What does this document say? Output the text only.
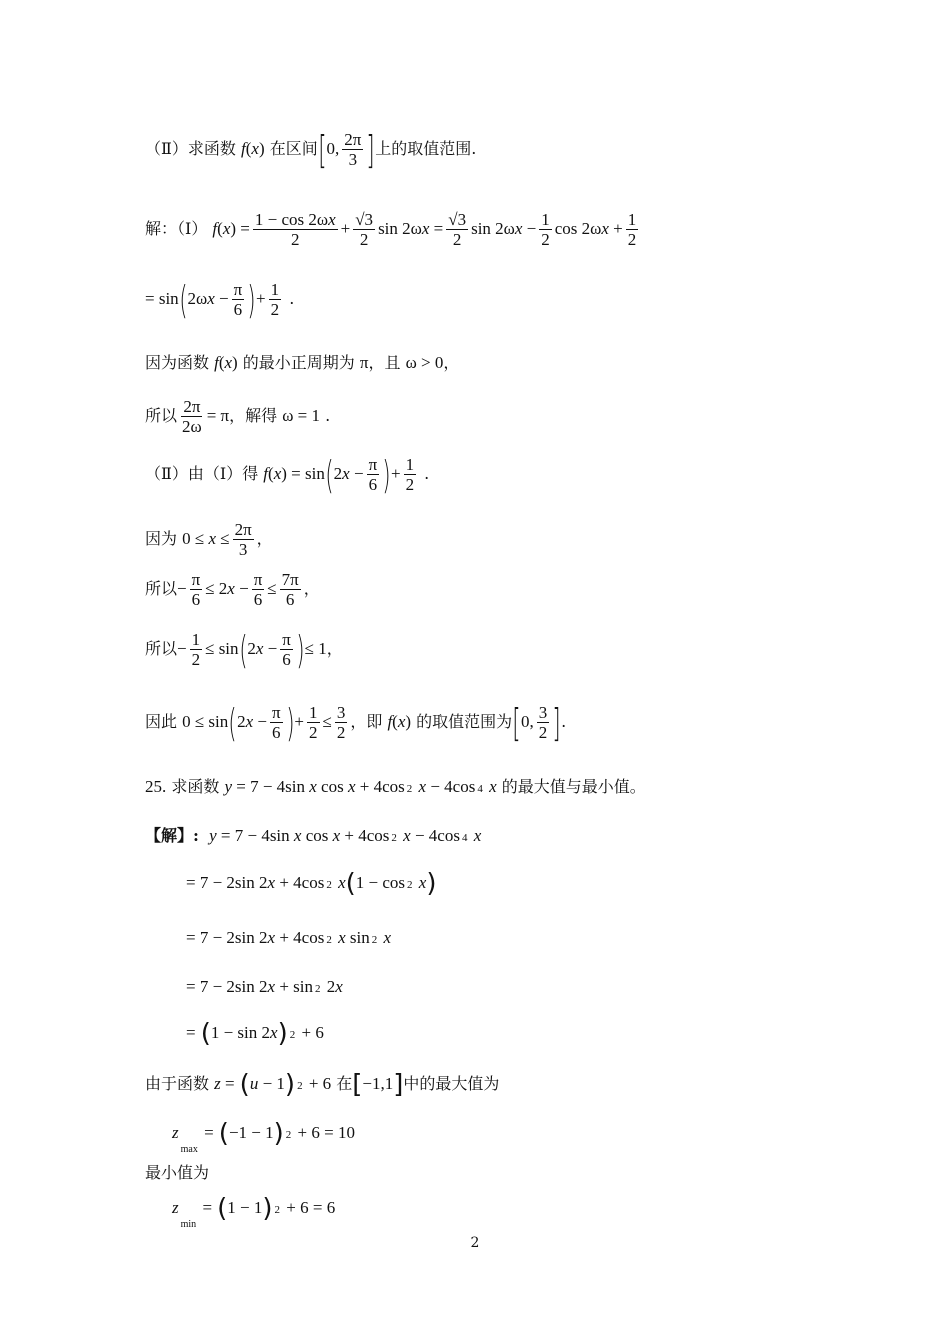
（Ⅱ）求函数 f(x) 在区间[0, $\frac{2\pi}{3}$ ]上的取值范围.
解：（Ⅰ） $f(x) = \frac{1 - \cos 2\omega x}{2} + \frac{√3}{2}$ $\sin 2\omega x = \frac{√3}{2}$ $\sin 2\omega x - \frac{1}{2}$ $\cos 2\omega x + \frac{1}{2}$
= $\sin(2\omega x - \frac{\pi}{6}$ )+ $\frac{1}{2}$ .
因为函数 f(x) 的最小正周期为 π，且 ω > 0，
所以 $\frac{2\pi}{2\omega} = \pi$，解得 ω = 1 .
（Ⅱ）由（Ⅰ）得 $f(x) = \sin(2x - \frac{\pi}{6}$ )+ $\frac{1}{2}$ .
因为 $0 \le x \le \frac{2\pi}{3}$ ，
所以− $\frac{\pi}{6} \le 2x - \frac{\pi}{6} \le \frac{7\pi}{6}$ ，
所以− $\frac{1}{2} \le \sin(2x - \frac{\pi}{6}$ )≤ 1，
因此 $0 \le \sin(2x - \frac{\pi}{6}$ )+ $\frac{1}{2} \le \frac{3}{2}$ ，即 f(x) 的取值范围为[0, $\frac{3}{2}$ ].
25. 求函数 y = 7 − 4sin x cos x + 4cos 2 x − 4cos 4 x 的最大值与最小值。
【解】: y = 7 − 4sin x cos x + 4cos 2 x − 4cos 4 x
= 7 − 2sin 2x + 4cos 2 x(1 − cos 2 x)
= 7 − 2sin 2x + 4cos 2 x sin 2 x
= 7 − 2sin 2x + sin 2 2x
= (1 − sin 2x) 2 + 6
由于函数 z = (u − 1) 2 + 6 在[−1,1]中的最大值为
$z_{max} = (-1 - 1) 2 + 6 = 10$
最小值为
$z_{min} = (1 - 1) 2 + 6 = 6$
2
